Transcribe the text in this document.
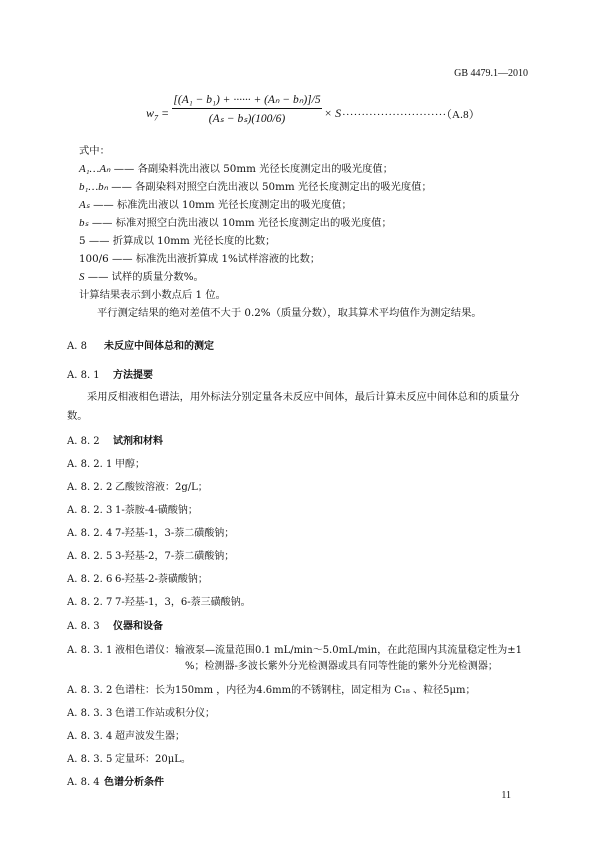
GB 4479.1—2010
$w_7$ =
[(A₁ − b₁) + ······ + (Aₙ − bₙ)]/5
(Aₛ − bₛ)(100/6)	× S ···························（A.8）
式中：
A₁…Aₙ —— 各副染料洗出液以 50mm 光径长度测定出的吸光度值；
b₁…bₙ —— 各副染料对照空白洗出液以 50mm 光径长度测定出的吸光度值；
Aₛ —— 标准洗出液以 10mm 光径长度测定出的吸光度值；
bₛ —— 标准对照空白洗出液以 10mm 光径长度测定出的吸光度值；
5 —— 折算成以 10mm 光径长度的比数；
100/6 —— 标准洗出液折算成 1%试样溶液的比数；
S —— 试样的质量分数%。
计算结果表示到小数点后 1 位。
平行测定结果的绝对差值不大于 0.2%（质量分数），取其算术平均值作为测定结果。
A. 8 未反应中间体总和的测定
A. 8. 1 方法提要
采用反相液相色谱法，用外标法分别定量各未反应中间体，最后计算未反应中间体总和的质量分数。
A. 8. 2 试剂和材料
A. 8. 2. 1 甲醇；
A. 8. 2. 2 乙酸铵溶液：2g/L；
A. 8. 2. 3 1-萘胺-4-磺酸钠；
A. 8. 2. 4 7-羟基-1，3-萘二磺酸钠；
A. 8. 2. 5 3-羟基-2，7-萘二磺酸钠；
A. 8. 2. 6 6-羟基-2-萘磺酸钠；
A. 8. 2. 7 7-羟基-1，3，6-萘三磺酸钠。
A. 8. 3 仪器和设备
A. 8. 3. 1 液相色谱仪：输液泵—流量范围0.1 mL/min～5.0mL/min，在此范围内其流量稳定性为±1
%；检测器-多波长紫外分光检测器或具有同等性能的紫外分光检测器；
A. 8. 3. 2 色谱柱：长为150mm ，内径为4.6mm的不锈钢柱，固定相为 C₁₈ 、粒径5μm；
A. 8. 3. 3 色谱工作站或积分仪；
A. 8. 3. 4 超声波发生器；
A. 8. 3. 5 定量环：20μL。
A. 8. 4 色谱分析条件
11
